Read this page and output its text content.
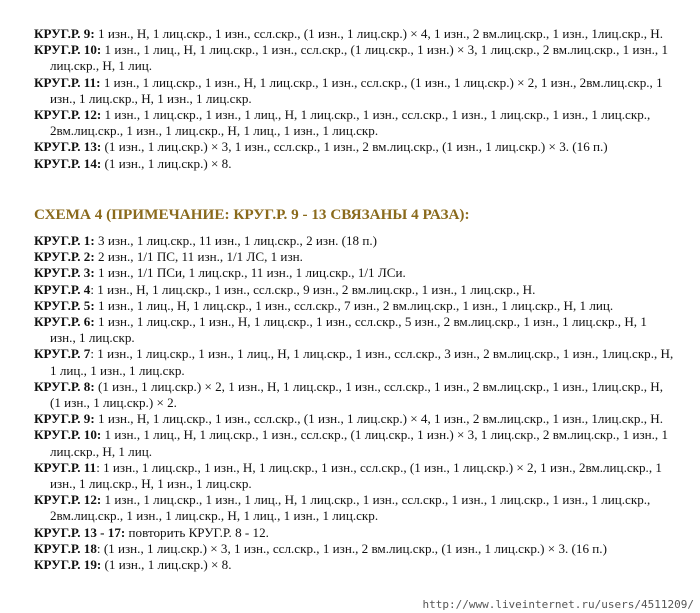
КРУГ.Р. 9: 1 изн., Н, 1 лиц.скр., 1 изн., ссл.скр., (1 изн., 1 лиц.скр.) × 4, 1 изн., 2 вм.лиц.скр., 1 изн., 1лиц.скр., Н.
КРУГ.Р. 10: 1 изн., 1 лиц., Н, 1 лиц.скр., 1 изн., ссл.скр., (1 лиц.скр., 1 изн.) × 3, 1 лиц.скр., 2 вм.лиц.скр., 1 изн., 1 лиц.скр., Н, 1 лиц.
КРУГ.Р. 11: 1 изн., 1 лиц.скр., 1 изн., Н, 1 лиц.скр., 1 изн., ссл.скр., (1 изн., 1 лиц.скр.) × 2, 1 изн., 2вм.лиц.скр., 1 изн., 1 лиц.скр., Н, 1 изн., 1 лиц.скр.
КРУГ.Р. 12: 1 изн., 1 лиц.скр., 1 изн., 1 лиц., Н, 1 лиц.скр., 1 изн., ссл.скр., 1 изн., 1 лиц.скр., 1 изн., 1 лиц.скр., 2вм.лиц.скр., 1 изн., 1 лиц.скр., Н, 1 лиц., 1 изн., 1 лиц.скр.
КРУГ.Р. 13: (1 изн., 1 лиц.скр.) × 3, 1 изн., ссл.скр., 1 изн., 2 вм.лиц.скр., (1 изн., 1 лиц.скр.) × 3. (16 п.)
КРУГ.Р. 14: (1 изн., 1 лиц.скр.) × 8.
СХЕМА 4 (ПРИМЕЧАНИЕ: КРУГ.Р. 9 - 13 СВЯЗАНЫ 4 РАЗА):
КРУГ.Р. 1: 3 изн., 1 лиц.скр., 11 изн., 1 лиц.скр., 2 изн. (18 п.)
КРУГ.Р. 2: 2 изн., 1/1 ПС, 11 изн., 1/1 ЛС, 1 изн.
КРУГ.Р. 3: 1 изн., 1/1 ПСи, 1 лиц.скр., 11 изн., 1 лиц.скр., 1/1 ЛСи.
КРУГ.Р. 4: 1 изн., Н, 1 лиц.скр., 1 изн., ссл.скр., 9 изн., 2 вм.лиц.скр., 1 изн., 1 лиц.скр., Н.
КРУГ.Р. 5: 1 изн., 1 лиц., Н, 1 лиц.скр., 1 изн., ссл.скр., 7 изн., 2 вм.лиц.скр., 1 изн., 1 лиц.скр., Н, 1 лиц.
КРУГ.Р. 6: 1 изн., 1 лиц.скр., 1 изн., Н, 1 лиц.скр., 1 изн., ссл.скр., 5 изн., 2 вм.лиц.скр., 1 изн., 1 лиц.скр., Н, 1 изн., 1 лиц.скр.
КРУГ.Р. 7: 1 изн., 1 лиц.скр., 1 изн., 1 лиц., Н, 1 лиц.скр., 1 изн., ссл.скр., 3 изн., 2 вм.лиц.скр., 1 изн., 1лиц.скр., Н, 1 лиц., 1 изн., 1 лиц.скр.
КРУГ.Р. 8: (1 изн., 1 лиц.скр.) × 2, 1 изн., Н, 1 лиц.скр., 1 изн., ссл.скр., 1 изн., 2 вм.лиц.скр., 1 изн., 1лиц.скр., Н, (1 изн., 1 лиц.скр.) × 2.
КРУГ.Р. 9: 1 изн., Н, 1 лиц.скр., 1 изн., ссл.скр., (1 изн., 1 лиц.скр.) × 4, 1 изн., 2 вм.лиц.скр., 1 изн., 1лиц.скр., Н.
КРУГ.Р. 10: 1 изн., 1 лиц., Н, 1 лиц.скр., 1 изн., ссл.скр., (1 лиц.скр., 1 изн.) × 3, 1 лиц.скр., 2 вм.лиц.скр., 1 изн., 1 лиц.скр., Н, 1 лиц.
КРУГ.Р. 11: 1 изн., 1 лиц.скр., 1 изн., Н, 1 лиц.скр., 1 изн., ссл.скр., (1 изн., 1 лиц.скр.) × 2, 1 изн., 2вм.лиц.скр., 1 изн., 1 лиц.скр., Н, 1 изн., 1 лиц.скр.
КРУГ.Р. 12: 1 изн., 1 лиц.скр., 1 изн., 1 лиц., Н, 1 лиц.скр., 1 изн., ссл.скр., 1 изн., 1 лиц.скр., 1 изн., 1 лиц.скр., 2вм.лиц.скр., 1 изн., 1 лиц.скр., Н, 1 лиц., 1 изн., 1 лиц.скр.
КРУГ.Р. 13 - 17: повторить КРУГ.Р. 8 - 12.
КРУГ.Р. 18: (1 изн., 1 лиц.скр.) × 3, 1 изн., ссл.скр., 1 изн., 2 вм.лиц.скр., (1 изн., 1 лиц.скр.) × 3. (16 п.)
КРУГ.Р. 19: (1 изн., 1 лиц.скр.) × 8.
http://www.liveinternet.ru/users/4511209/
